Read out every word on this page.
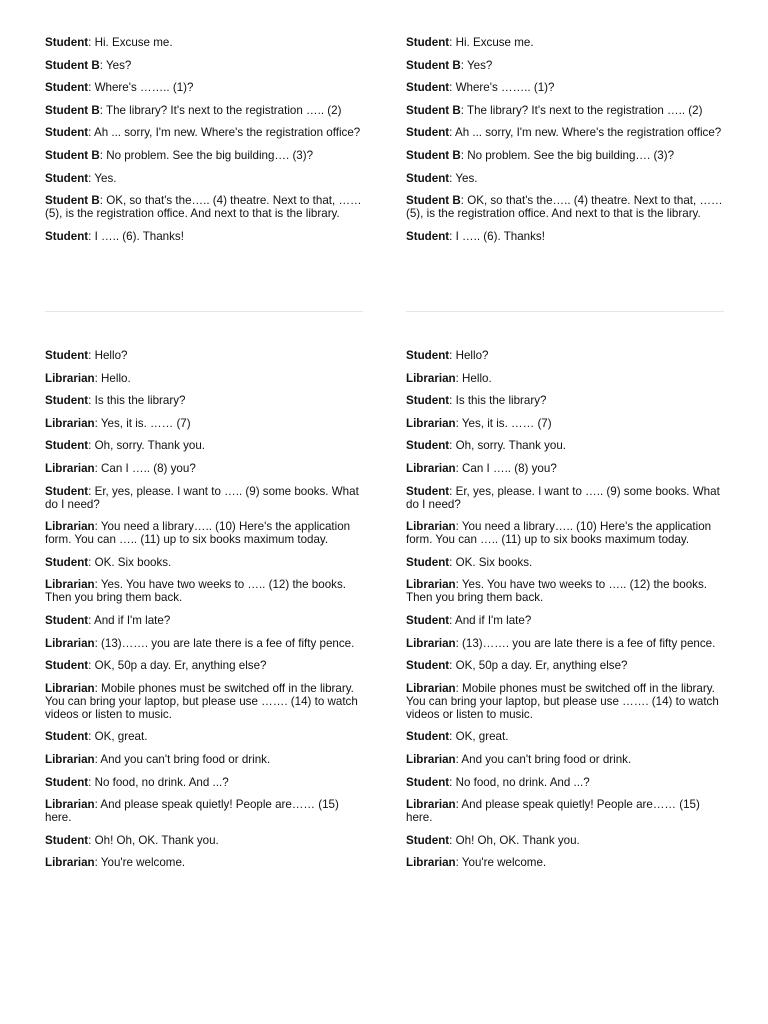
Student: Hi. Excuse me.
Student B: Yes?
Student: Where's …….. (1)?
Student B: The library? It's next to the registration ….. (2)
Student: Ah ... sorry, I'm new. Where's the registration office?
Student B: No problem. See the big building…. (3)?
Student: Yes.
Student B: OK, so that's the….. (4) theatre. Next to that, …… (5), is the registration office. And next to that is the library.
Student: I ….. (6). Thanks!
Student: Hello?
Librarian: Hello.
Student: Is this the library?
Librarian: Yes, it is. …… (7)
Student: Oh, sorry. Thank you.
Librarian: Can I ….. (8) you?
Student: Er, yes, please. I want to ….. (9) some books. What do I need?
Librarian: You need a library….. (10) Here's the application form. You can ….. (11) up to six books maximum today.
Student: OK. Six books.
Librarian: Yes. You have two weeks to ….. (12) the books. Then you bring them back.
Student: And if I'm late?
Librarian: (13)……. you are late there is a fee of fifty pence.
Student: OK, 50p a day. Er, anything else?
Librarian: Mobile phones must be switched off in the library. You can bring your laptop, but please use ……. (14) to watch videos or listen to music.
Student: OK, great.
Librarian: And you can't bring food or drink.
Student: No food, no drink. And ...?
Librarian: And please speak quietly! People are…… (15) here.
Student: Oh! Oh, OK. Thank you.
Librarian: You're welcome.
Student: Hi. Excuse me.
Student B: Yes?
Student: Where's …….. (1)?
Student B: The library? It's next to the registration ….. (2)
Student: Ah ... sorry, I'm new. Where's the registration office?
Student B: No problem. See the big building…. (3)?
Student: Yes.
Student B: OK, so that's the….. (4) theatre. Next to that, …… (5), is the registration office. And next to that is the library.
Student: I ….. (6). Thanks!
Student: Hello?
Librarian: Hello.
Student: Is this the library?
Librarian: Yes, it is. …… (7)
Student: Oh, sorry. Thank you.
Librarian: Can I ….. (8) you?
Student: Er, yes, please. I want to ….. (9) some books. What do I need?
Librarian: You need a library….. (10) Here's the application form. You can ….. (11) up to six books maximum today.
Student: OK. Six books.
Librarian: Yes. You have two weeks to ….. (12) the books. Then you bring them back.
Student: And if I'm late?
Librarian: (13)……. you are late there is a fee of fifty pence.
Student: OK, 50p a day. Er, anything else?
Librarian: Mobile phones must be switched off in the library. You can bring your laptop, but please use ……. (14) to watch videos or listen to music.
Student: OK, great.
Librarian: And you can't bring food or drink.
Student: No food, no drink. And ...?
Librarian: And please speak quietly! People are…… (15) here.
Student: Oh! Oh, OK. Thank you.
Librarian: You're welcome.
